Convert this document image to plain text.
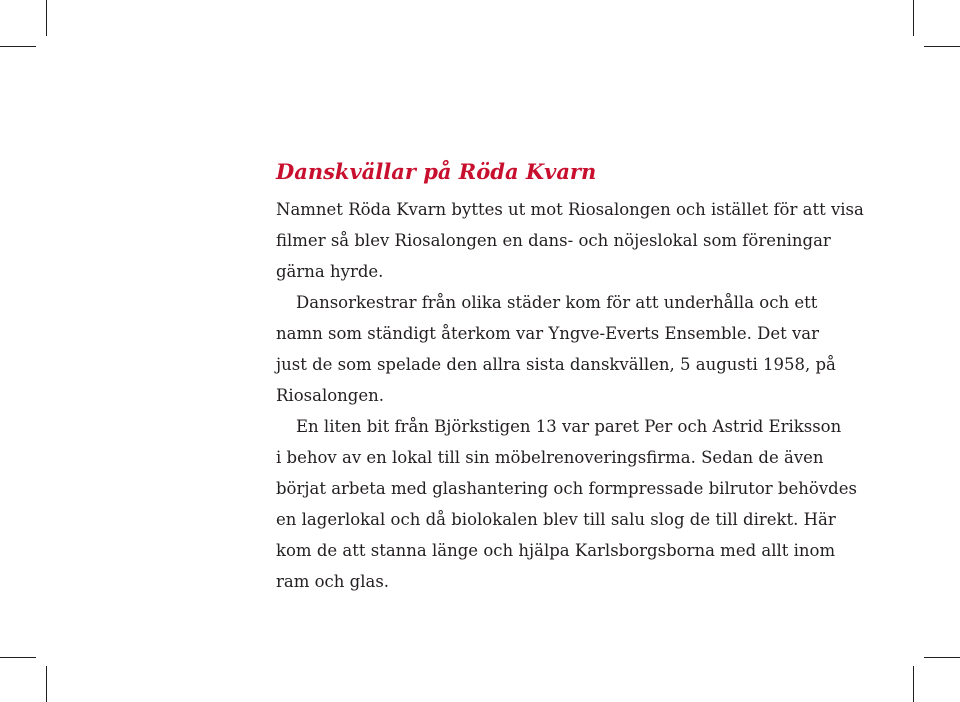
Danskvällar på Röda Kvarn
Namnet Röda Kvarn byttes ut mot Riosalongen och istället för att visa
filmer så blev Riosalongen en dans- och nöjeslokal som föreningar
gärna hyrde.
Dansorkestrar från olika städer kom för att underhålla och ett
namn som ständigt återkom var Yngve-Everts Ensemble. Det var
just de som spelade den allra sista danskvällen, 5 augusti 1958, på
Riosalongen.
En liten bit från Björkstigen 13 var paret Per och Astrid Eriksson
i behov av en lokal till sin möbelrenoveringsfirma. Sedan de även
börjat arbeta med glashantering och formpressade bilrutor behövdes
en lagerlokal och då biolokalen blev till salu slog de till direkt. Här
kom de att stanna länge och hjälpa Karlsborgsborna med allt inom
ram och glas.
